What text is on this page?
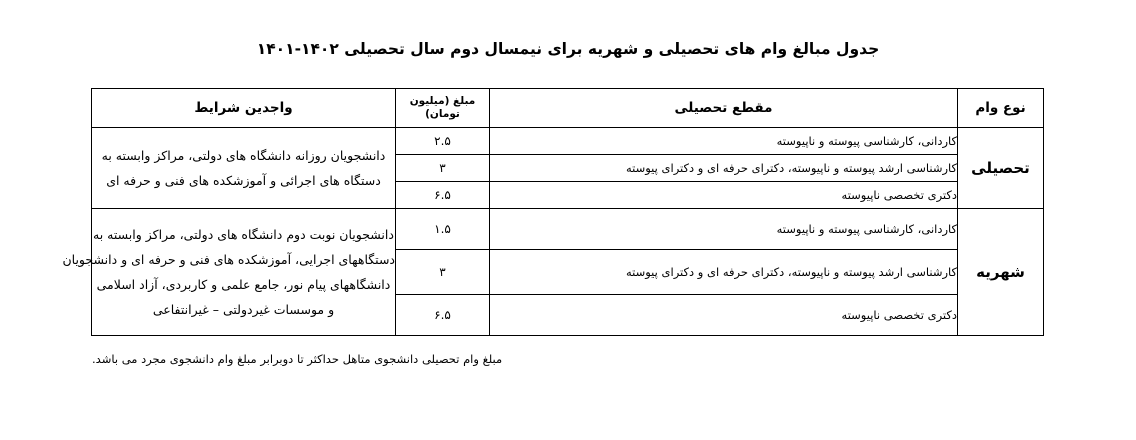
جدول مبالغ وام های تحصیلی و شهریه برای نیمسال دوم سال تحصیلی ۱۴۰۲-۱۴۰۱
نوع وام	مقطع تحصیلی	مبلغ (میلیون تومان)	واجدین شرایط
تحصیلی	کاردانی، کارشناسی پیوسته و ناپیوسته	۲.۵	دانشجویان روزانه دانشگاه های دولتی، مراکز وابسته به
دستگاه های اجرائی و آموزشکده های فنی و حرفه ای

	کارشناسی ارشد پیوسته و ناپیوسته، دکترای حرفه ای و دکترای پیوسته	۳	
	دکتری تخصصی ناپیوسته	۶.۵	
شهریه	کاردانی، کارشناسی پیوسته و ناپیوسته	۱.۵	دانشجویان نوبت دوم دانشگاه های دولتی، مراکز وابسته به
دستگاههای اجرایی، آموزشکده های فنی و حرفه ای و دانشجویان
دانشگاههای پیام نور، جامع علمی و کاربردی، آزاد اسلامی
و موسسات غیردولتی – غیرانتفاعی

	کارشناسی ارشد پیوسته و ناپیوسته، دکترای حرفه ای و دکترای پیوسته	۳	
	دکتری تخصصی ناپیوسته	۶.۵	
مبلغ وام تحصیلی دانشجوی متاهل حداکثر تا دوبرابر مبلغ وام دانشجوی مجرد می باشد.
